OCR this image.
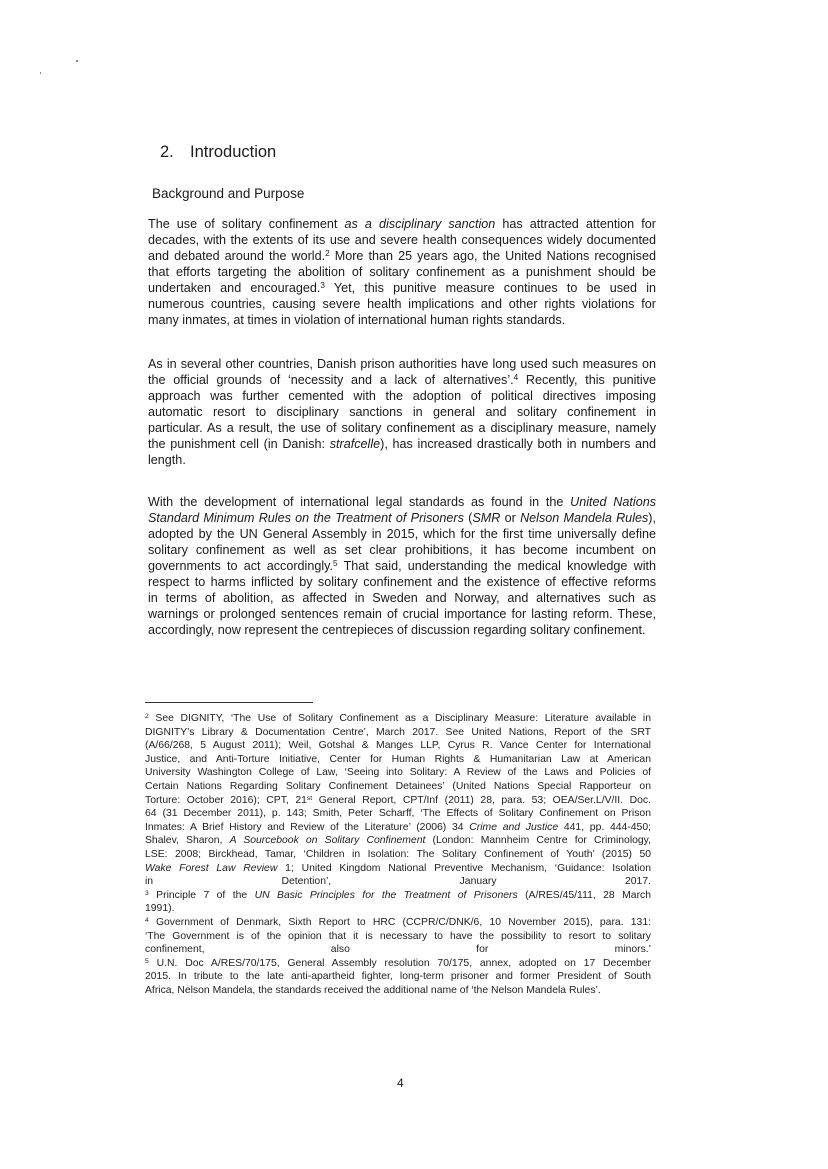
2. Introduction
Background and Purpose
The use of solitary confinement as a disciplinary sanction has attracted attention for
decades, with the extents of its use and severe health consequences widely documented
and debated around the world.$^2$ More than 25 years ago, the United Nations recognised
that efforts targeting the abolition of solitary confinement as a punishment should be
undertaken and encouraged.$^3$ Yet, this punitive measure continues to be used in
numerous countries, causing severe health implications and other rights violations for
many inmates, at times in violation of international human rights standards.
As in several other countries, Danish prison authorities have long used such measures on
the official grounds of ‘necessity and a lack of alternatives’.$^4$ Recently, this punitive
approach was further cemented with the adoption of political directives imposing
automatic resort to disciplinary sanctions in general and solitary confinement in
particular. As a result, the use of solitary confinement as a disciplinary measure, namely
the punishment cell (in Danish: strafcelle), has increased drastically both in numbers and
length.
With the development of international legal standards as found in the United Nations
Standard Minimum Rules on the Treatment of Prisoners (SMR or Nelson Mandela Rules),
adopted by the UN General Assembly in 2015, which for the first time universally define
solitary confinement as well as set clear prohibitions, it has become incumbent on
governments to act accordingly.$^5$ That said, understanding the medical knowledge with
respect to harms inflicted by solitary confinement and the existence of effective reforms
in terms of abolition, as affected in Sweden and Norway, and alternatives such as
warnings or prolonged sentences remain of crucial importance for lasting reform. These,
accordingly, now represent the centrepieces of discussion regarding solitary confinement.
$^2$ See DIGNITY, ‘The Use of Solitary Confinement as a Disciplinary Measure: Literature available in
DIGNITY’s Library & Documentation Centre’, March 2017. See United Nations, Report of the SRT
(A/66/268, 5 August 2011); Weil, Gotshal & Manges LLP, Cyrus R. Vance Center for International
Justice, and Anti-Torture Initiative, Center for Human Rights & Humanitarian Law at American
University Washington College of Law, ‘Seeing into Solitary: A Review of the Laws and Policies of
Certain Nations Regarding Solitary Confinement Detainees’ (United Nations Special Rapporteur on
Torture: October 2016); CPT, 21st General Report, CPT/Inf (2011) 28, para. 53; OEA/Ser.L/V/II. Doc.
64 (31 December 2011), p. 143; Smith, Peter Scharff, ‘The Effects of Solitary Confinement on Prison
Inmates: A Brief History and Review of the Literature’ (2006) 34 Crime and Justice 441, pp. 444-450;
Shalev, Sharon, A Sourcebook on Solitary Confinement (London: Mannheim Centre for Criminology,
LSE: 2008; Birckhead, Tamar, ‘Children in Isolation: The Solitary Confinement of Youth’ (2015) 50
Wake Forest Law Review 1; United Kingdom National Preventive Mechanism, ‘Guidance: Isolation
in Detention’, January 2017.
$^3$ Principle 7 of the UN Basic Principles for the Treatment of Prisoners (A/RES/45/111, 28 March
1991).
$^4$ Government of Denmark, Sixth Report to HRC (CCPR/C/DNK/6, 10 November 2015), para. 131:
‘The Government is of the opinion that it is necessary to have the possibility to resort to solitary
confinement, also for minors.’
$^5$ U.N. Doc A/RES/70/175, General Assembly resolution 70/175, annex, adopted on 17 December
2015. In tribute to the late anti-apartheid fighter, long-term prisoner and former President of South
Africa, Nelson Mandela, the standards received the additional name of ‘the Nelson Mandela Rules’.
4
